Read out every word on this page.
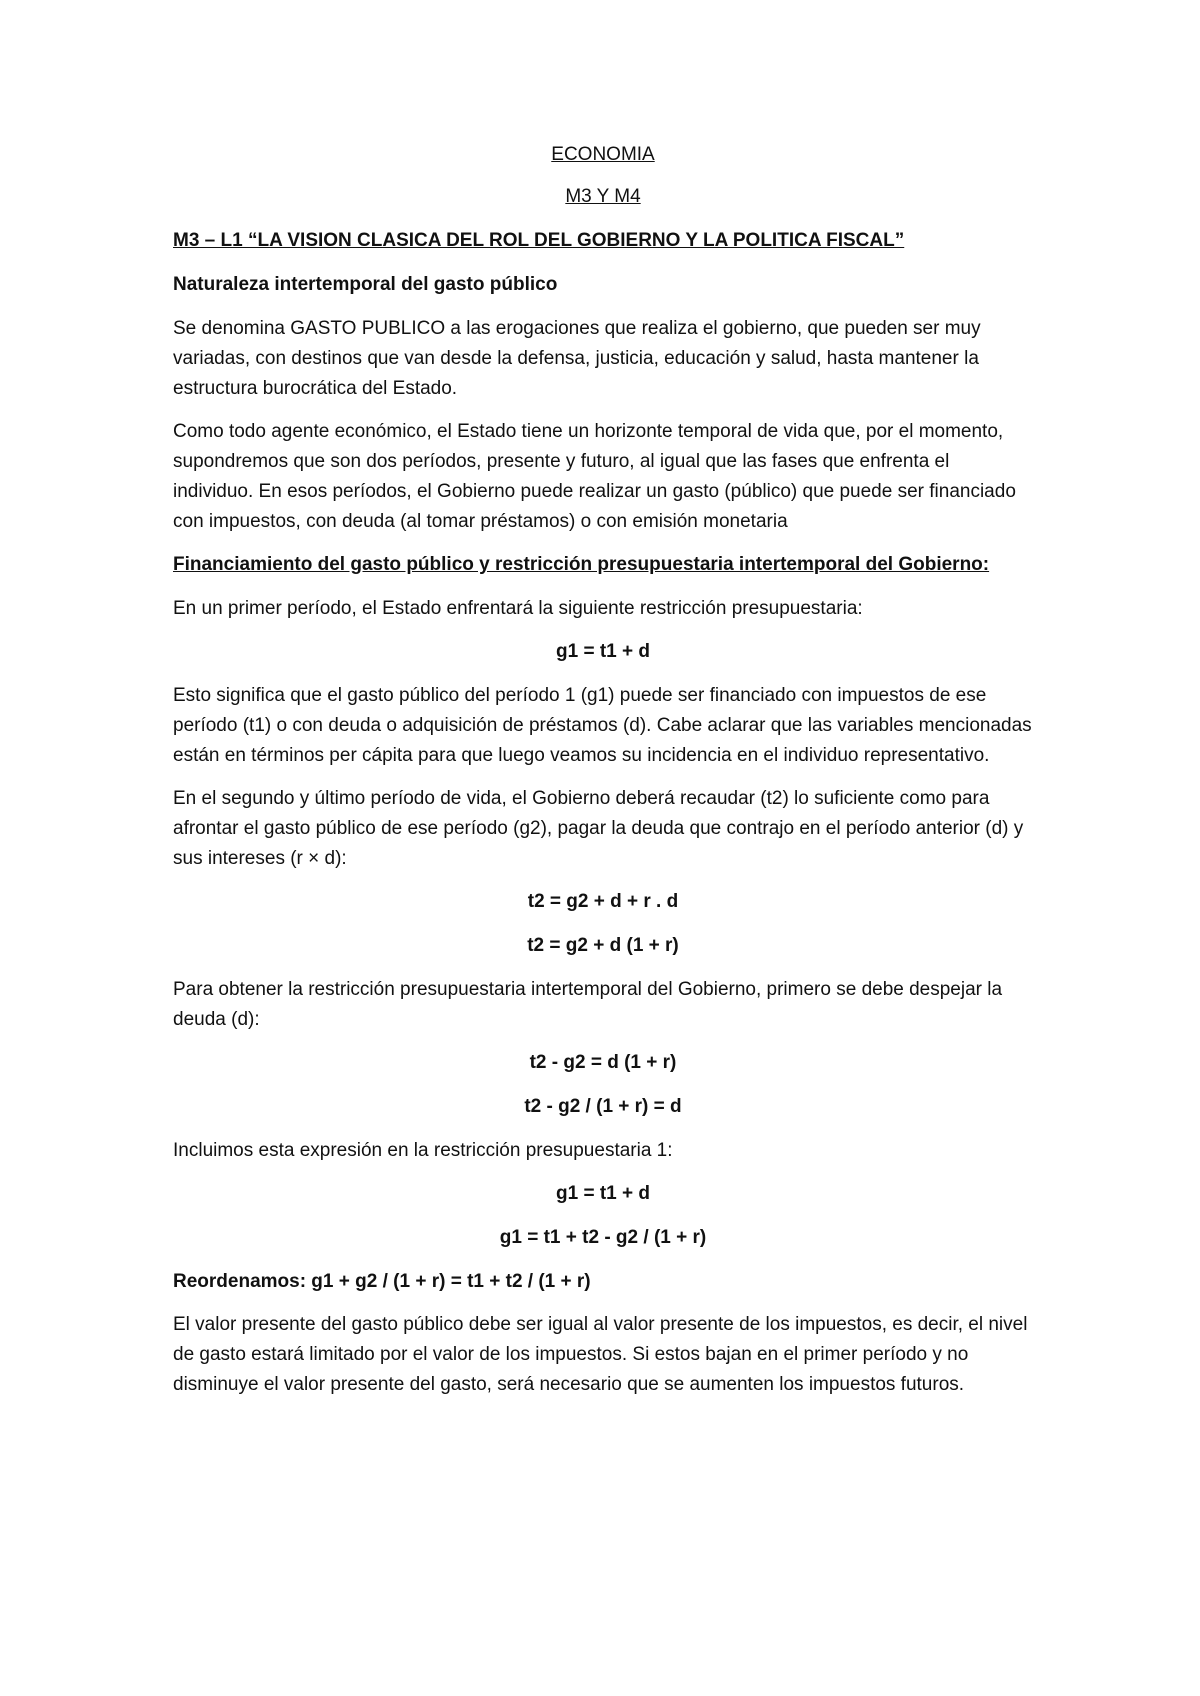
ECONOMIA

M3 Y M4

M3 – L1 “LA VISION CLASICA DEL ROL DEL GOBIERNO Y LA POLITICA FISCAL”

Naturaleza intertemporal del gasto público

Se denomina GASTO PUBLICO a las erogaciones que realiza el gobierno, que pueden ser muy variadas, con destinos que van desde la defensa, justicia, educación y salud, hasta mantener la estructura burocrática del Estado.

Como todo agente económico, el Estado tiene un horizonte temporal de vida que, por el momento, supondremos que son dos períodos, presente y futuro, al igual que las fases que enfrenta el individuo. En esos períodos, el Gobierno puede realizar un gasto (público) que puede ser financiado con impuestos, con deuda (al tomar préstamos) o con emisión monetaria

Financiamiento del gasto público y restricción presupuestaria intertemporal del Gobierno:

En un primer período, el Estado enfrentará la siguiente restricción presupuestaria:

g1 = t1 + d

Esto significa que el gasto público del período 1 (g1) puede ser financiado con impuestos de ese período (t1) o con deuda o adquisición de préstamos (d). Cabe aclarar que las variables mencionadas están en términos per cápita para que luego veamos su incidencia en el individuo representativo.

En el segundo y último período de vida, el Gobierno deberá recaudar (t2) lo suficiente como para afrontar el gasto público de ese período (g2), pagar la deuda que contrajo en el período anterior (d) y sus intereses (r × d):

t2 = g2 + d + r . d

t2 = g2 + d (1 + r)

Para obtener la restricción presupuestaria intertemporal del Gobierno, primero se debe despejar la deuda (d):

t2 - g2 = d (1 + r)

t2 - g2 / (1 + r) = d

Incluimos esta expresión en la restricción presupuestaria 1:

g1 = t1 + d

g1 = t1 + t2 - g2 / (1 + r)

Reordenamos: g1 + g2 / (1 + r) = t1 + t2 / (1 + r)

El valor presente del gasto público debe ser igual al valor presente de los impuestos, es decir, el nivel de gasto estará limitado por el valor de los impuestos. Si estos bajan en el primer período y no disminuye el valor presente del gasto, será necesario que se aumenten los impuestos futuros.
